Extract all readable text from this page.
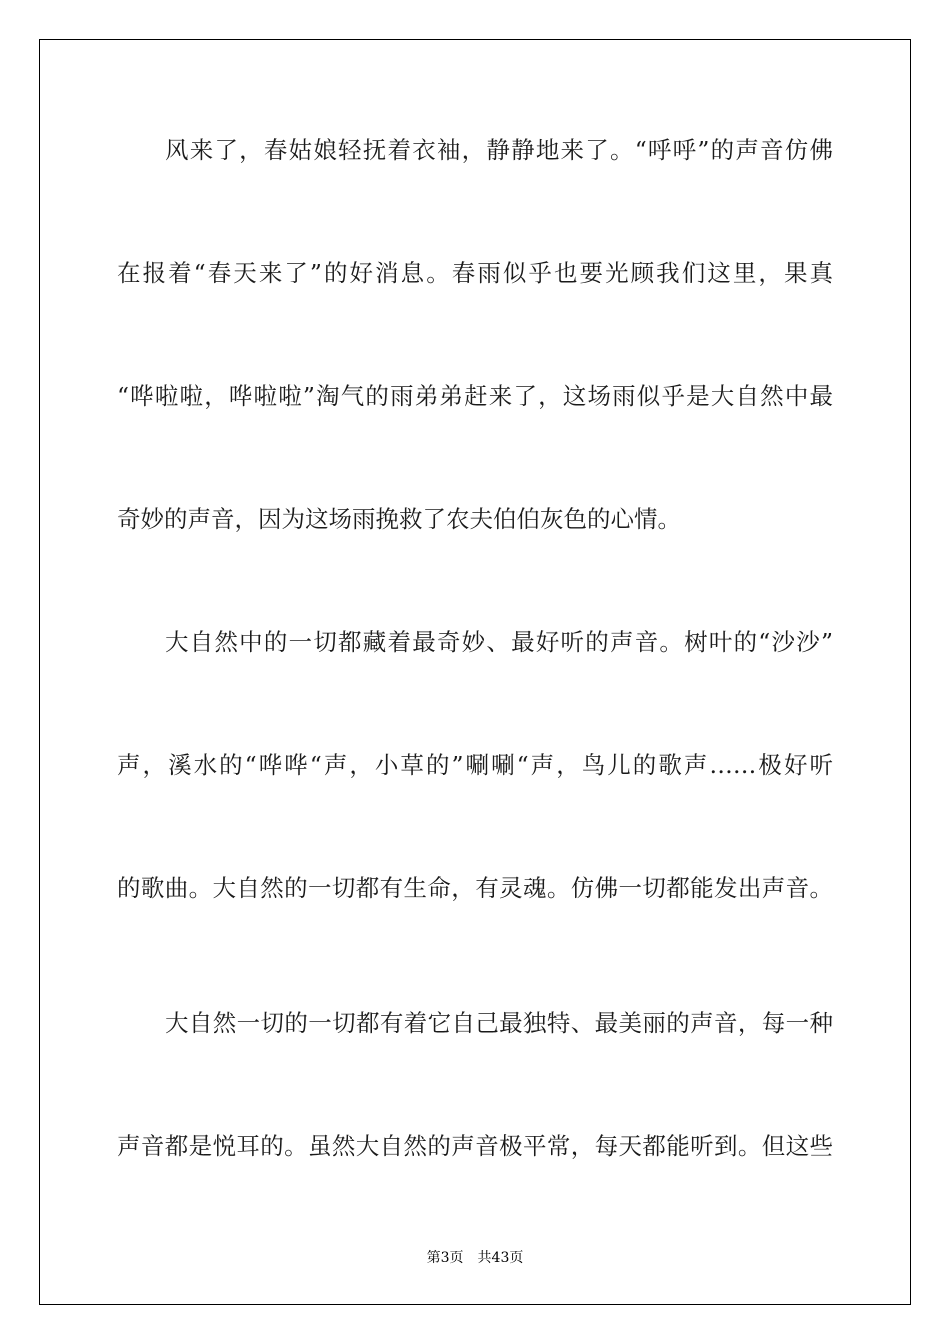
风来了，春姑娘轻抚着衣袖，静静地来了。“呼呼”的声音仿佛

在报着“春天来了”的好消息。春雨似乎也要光顾我们这里，果真

“哗啦啦，哗啦啦”淘气的雨弟弟赶来了，这场雨似乎是大自然中最

奇妙的声音，因为这场雨挽救了农夫伯伯灰色的心情。

大自然中的一切都藏着最奇妙、最好听的声音。树叶的“沙沙”

声，溪水的“哗哗“声，小草的”唰唰“声，鸟儿的歌声……极好听

的歌曲。大自然的一切都有生命，有灵魂。仿佛一切都能发出声音。

大自然一切的一切都有着它自己最独特、最美丽的声音，每一种

声音都是悦耳的。虽然大自然的声音极平常，每天都能听到。但这些

第3页 共43页
